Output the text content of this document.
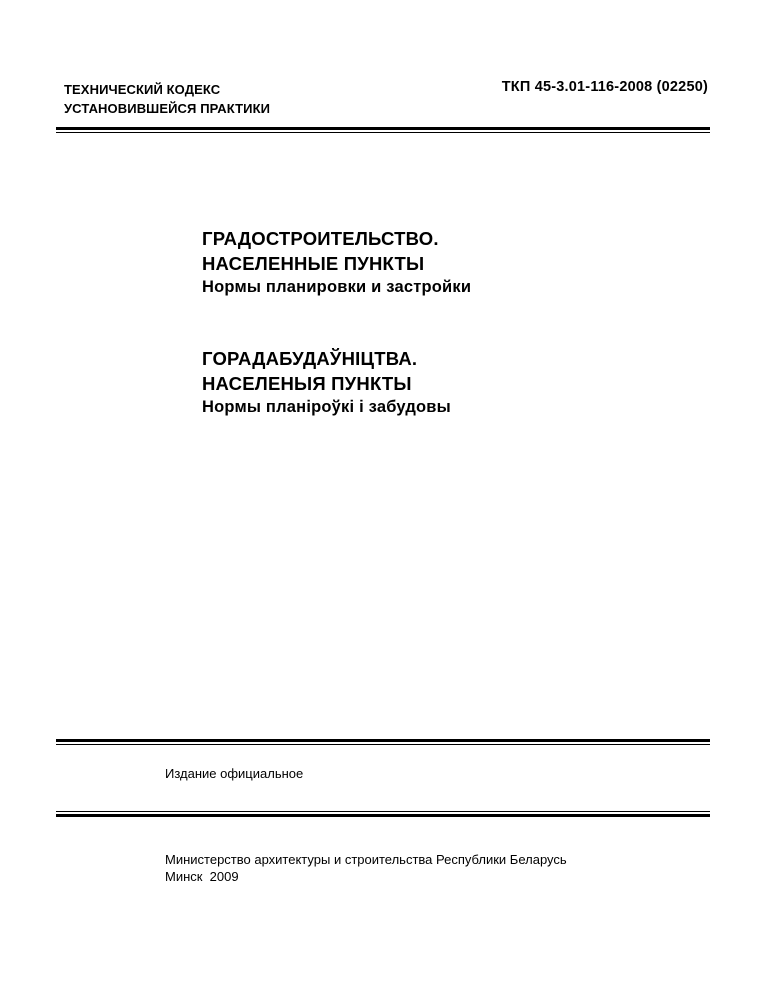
ТЕХНИЧЕСКИЙ КОДЕКС
УСТАНОВИВШЕЙСЯ ПРАКТИКИ
ТКП 45-3.01-116-2008 (02250)
ГРАДОСТРОИТЕЛЬСТВО.
НАСЕЛЕННЫЕ ПУНКТЫ
Нормы планировки и застройки
ГОРАДАБУДАЎНІЦТВА.
НАСЕЛЕНЫЯ ПУНКТЫ
Нормы планіроўкі і забудовы
Издание официальное
Министерство архитектуры и строительства Республики Беларусь
Минск  2009
